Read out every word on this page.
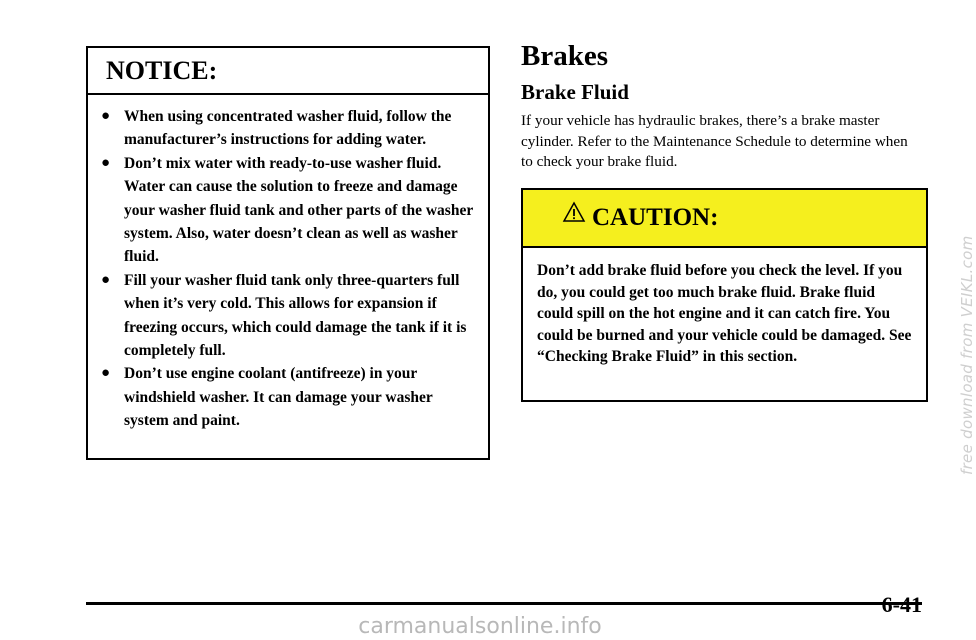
NOTICE:
● When using concentrated washer fluid, follow the manufacturer’s instructions for adding water.
● Don’t mix water with ready-to-use washer fluid. Water can cause the solution to freeze and damage your washer fluid tank and other parts of the washer system. Also, water doesn’t clean as well as washer fluid.
● Fill your washer fluid tank only three-quarters full when it’s very cold. This allows for expansion if freezing occurs, which could damage the tank if it is completely full.
● Don’t use engine coolant (antifreeze) in your windshield washer. It can damage your washer system and paint.
Brakes
Brake Fluid

If your vehicle has hydraulic brakes, there’s a brake master cylinder. Refer to the Maintenance Schedule to determine when to check your brake fluid.

CAUTION:

Don’t add brake fluid before you check the level. If you do, you could get too much brake fluid. Brake fluid could spill on the hot engine and it can catch fire. You could be burned and your vehicle could be damaged. See “Checking Brake Fluid” in this section.	free download from VEIKL.com
6-41
carmanualsonline.info
